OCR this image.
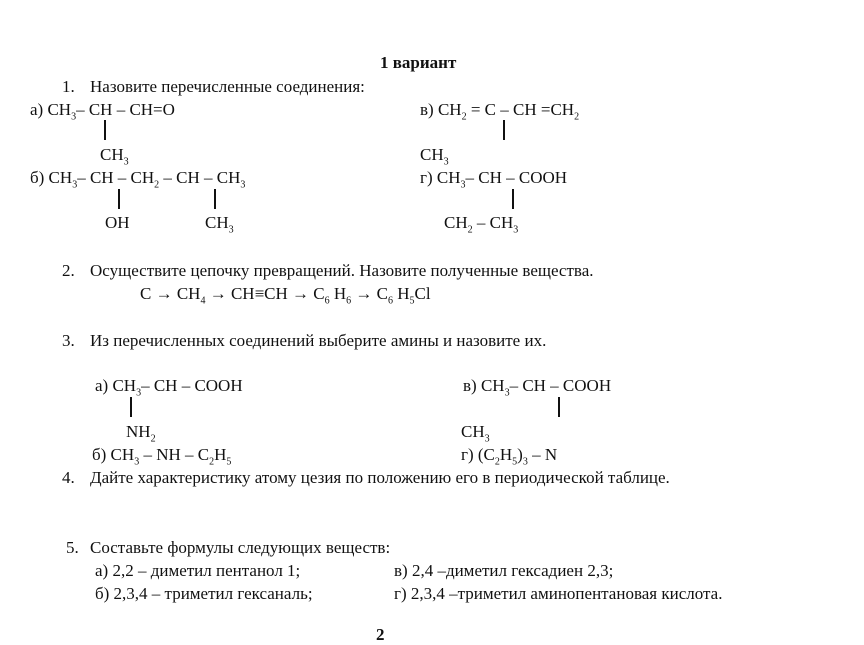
1 вариант
1. Назовите перечисленные соединения:
а) $CH_3-$ CH – CH=O
$CH_3$
в) $CH_2 = C$ – CH $=CH_2$
$CH_3$
б) $CH_3-$ CH – $CH_2$ – CH – $CH_3$
OH	$CH_3$
г) $CH_3-$ CH – COOH
$CH_2 - CH_3$
2. Осуществите цепочку превращений. Назовите полученные вещества.
$C \to CH_4 \to CH\equiv CH \to C_6$ $H_6 \to C_6$ $H_5Cl$
3. Из перечисленных соединений выберите амины и назовите их.
а) $CH_3-$ CH – COOH
$NH_2$
в) $CH_3-$ CH – COOH
$CH_3$
б) $CH_3$ – NH – $C_2H_5$	г) $(C_2H_5)_3$ – N
4. Дайте характеристику атому цезия по положению его в периодической таблице.
5. Составьте формулы следующих веществ:
а) 2,2 – диметил пентанол 1;	в) 2,4 –диметил гексадиен 2,3;
б) 2,3,4 – триметил гексаналь;	г) 2,3,4 –триметил аминопентановая кислота.
2
